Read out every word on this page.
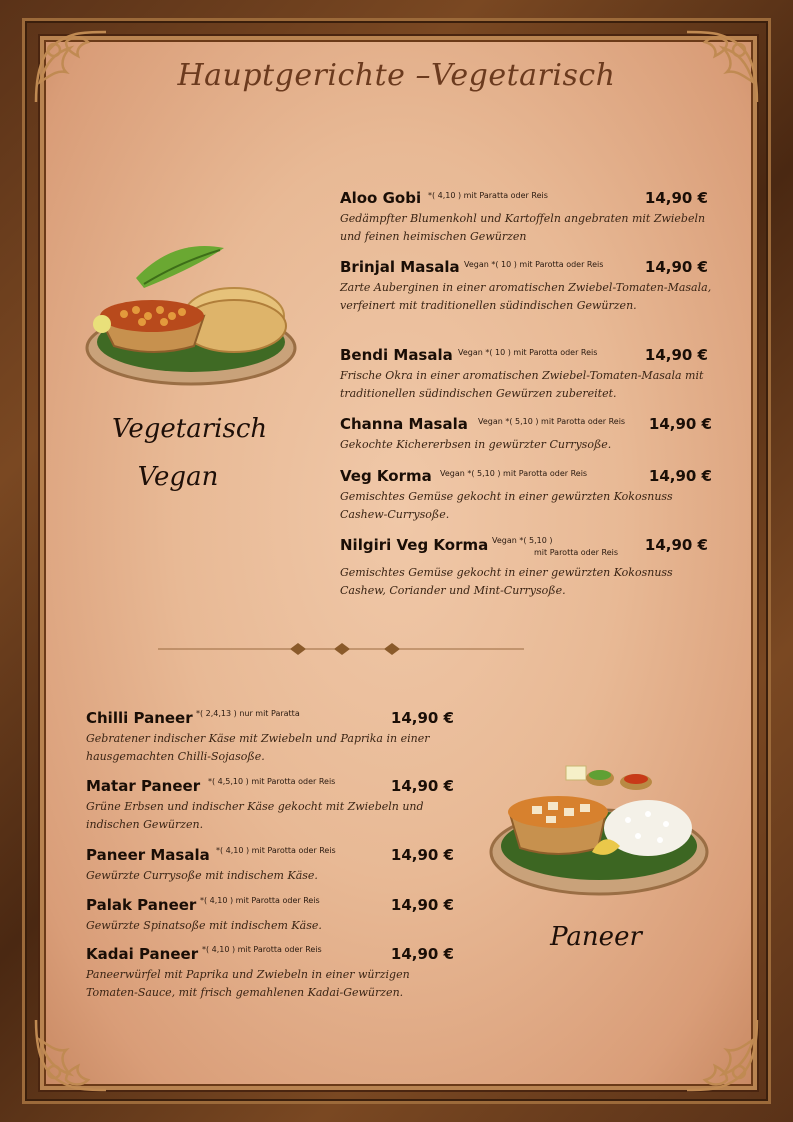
Hauptgerichte –Vegetarisch
Vegetarisch
Vegan
Aloo Gobi *( 4,10 ) mit Paratta oder Reis	14,90 €
Gedämpfter Blumenkohl und Kartoffeln angebraten mit Zwiebeln und feinen heimischen Gewürzen
Brinjal Masala Vegan *( 10 ) mit Parotta oder Reis	14,90 €
Zarte Auberginen in einer aromatischen Zwiebel-Tomaten-Masala, verfeinert mit traditionellen südindischen Gewürzen.
Bendi Masala Vegan *( 10 ) mit Parotta oder Reis	14,90 €
Frische Okra in einer aromatischen Zwiebel-Tomaten-Masala mit traditionellen südindischen Gewürzen zubereitet.
Channa Masala	Vegan *( 5,10 ) mit Parotta oder Reis 14,90 €
Gekochte Kichererbsen in gewürzter Currysoße.
Veg Korma	Vegan *( 5,10 ) mit Parotta oder Reis	14,90 €
Gemischtes Gemüse gekocht in einer gewürzten Kokosnuss Cashew-Currysoße.
Nilgiri Veg Korma Vegan *( 5,10 )
mit Parotta oder Reis 14,90 €
Gemischtes Gemüse gekocht in einer gewürzten Kokosnuss Cashew, Coriander und Mint-Currysoße.
Chilli Paneer *( 2,4,13 ) nur mit Paratta	14,90 €
Gebratener indischer Käse mit Zwiebeln und Paprika in einer hausgemachten Chilli-Sojasoße.
Matar Paneer *( 4,5,10 ) mit Parotta oder Reis	14,90 €
Grüne Erbsen und indischer Käse gekocht mit Zwiebeln und indischen Gewürzen.
Paneer Masala *( 4,10 ) mit Parotta oder Reis	14,90 €
Gewürzte Currysoße mit indischem Käse.
Palak Paneer *( 4,10 ) mit Parotta oder Reis	14,90 €
Gewürzte Spinatsoße mit indischem Käse.
Kadai Paneer *( 4,10 ) mit Parotta oder Reis	14,90 €
Paneerwürfel mit Paprika und Zwiebeln in einer würzigen Tomaten-Sauce, mit frisch gemahlenen Kadai-Gewürzen.
Paneer
